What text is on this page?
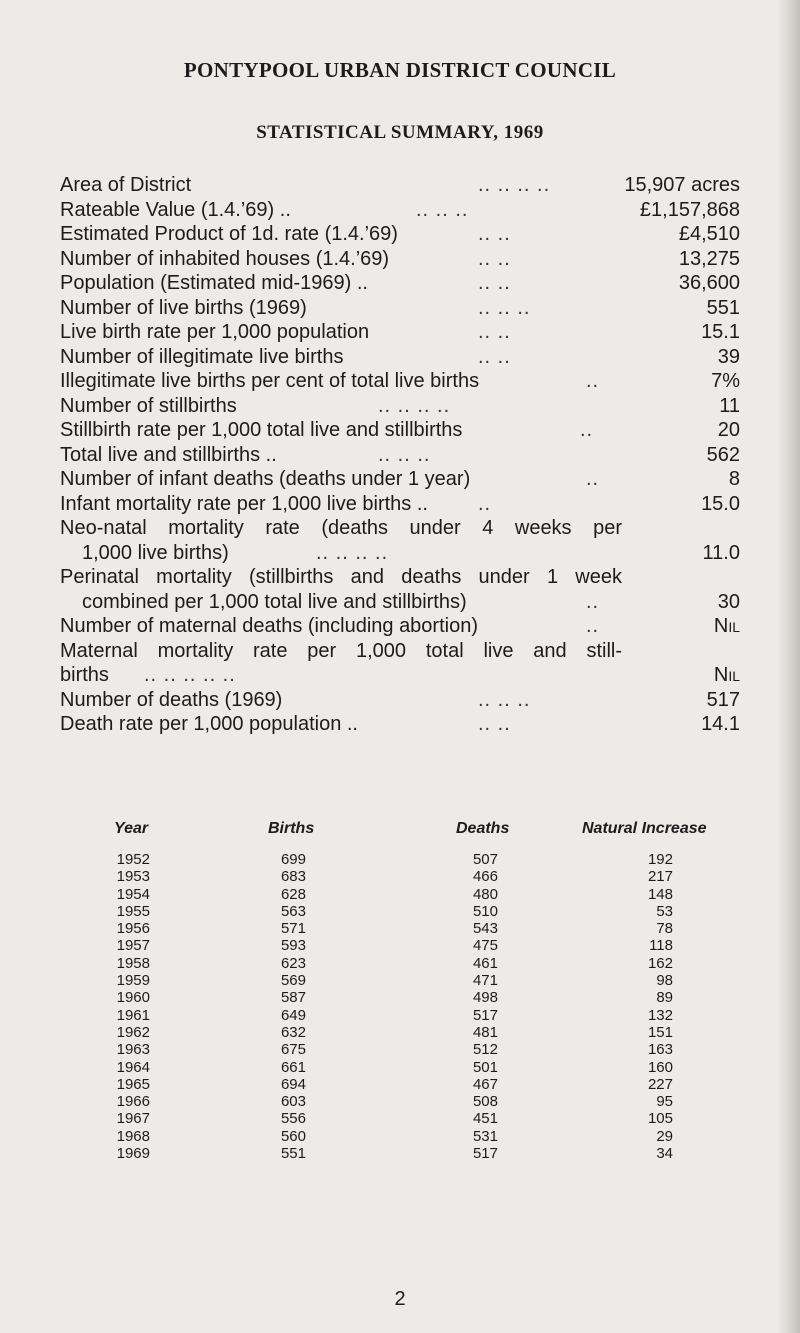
PONTYPOOL URBAN DISTRICT COUNCIL
STATISTICAL SUMMARY, 1969
Area of District	.. .. .. ..	15,907 acres
Rateable Value (1.4.’69) ..	.. .. ..	£1,157,868
Estimated Product of 1d. rate (1.4.’69)	.. ..	£4,510
Number of inhabited houses (1.4.’69)	.. ..	13,275
Population (Estimated mid-1969) ..	.. ..	36,600
Number of live births (1969)	.. .. ..	551
Live birth rate per 1,000 population	.. ..	15.1
Number of illegitimate live births	.. ..	39
Illegitimate live births per cent of total live births	..	7%
Number of stillbirths	.. .. .. ..	11
Stillbirth rate per 1,000 total live and stillbirths	..	20
Total live and stillbirths ..	.. .. ..	562
Number of infant deaths (deaths under 1 year)	..	8
Infant mortality rate per 1,000 live births ..	..	15.0
Neo-natal mortality rate (deaths under 4 weeks per
1,000 live births)	.. .. .. ..	11.0
Perinatal mortality (stillbirths and deaths under 1 week
combined per 1,000 total live and stillbirths)	..	30
Number of maternal deaths (including abortion)	..	Nil
Maternal mortality rate per 1,000 total live and still-
births	.. .. .. .. ..	Nil
Number of deaths (1969)	.. .. ..	517
Death rate per 1,000 population ..	.. ..	14.1
Year	Births	Deaths	Natural Increase
1952	699	507	192
1953	683	466	217
1954	628	480	148
1955	563	510	53
1956	571	543	78
1957	593	475	118
1958	623	461	162
1959	569	471	98
1960	587	498	89
1961	649	517	132
1962	632	481	151
1963	675	512	163
1964	661	501	160
1965	694	467	227
1966	603	508	95
1967	556	451	105
1968	560	531	29
1969	551	517	34
2
